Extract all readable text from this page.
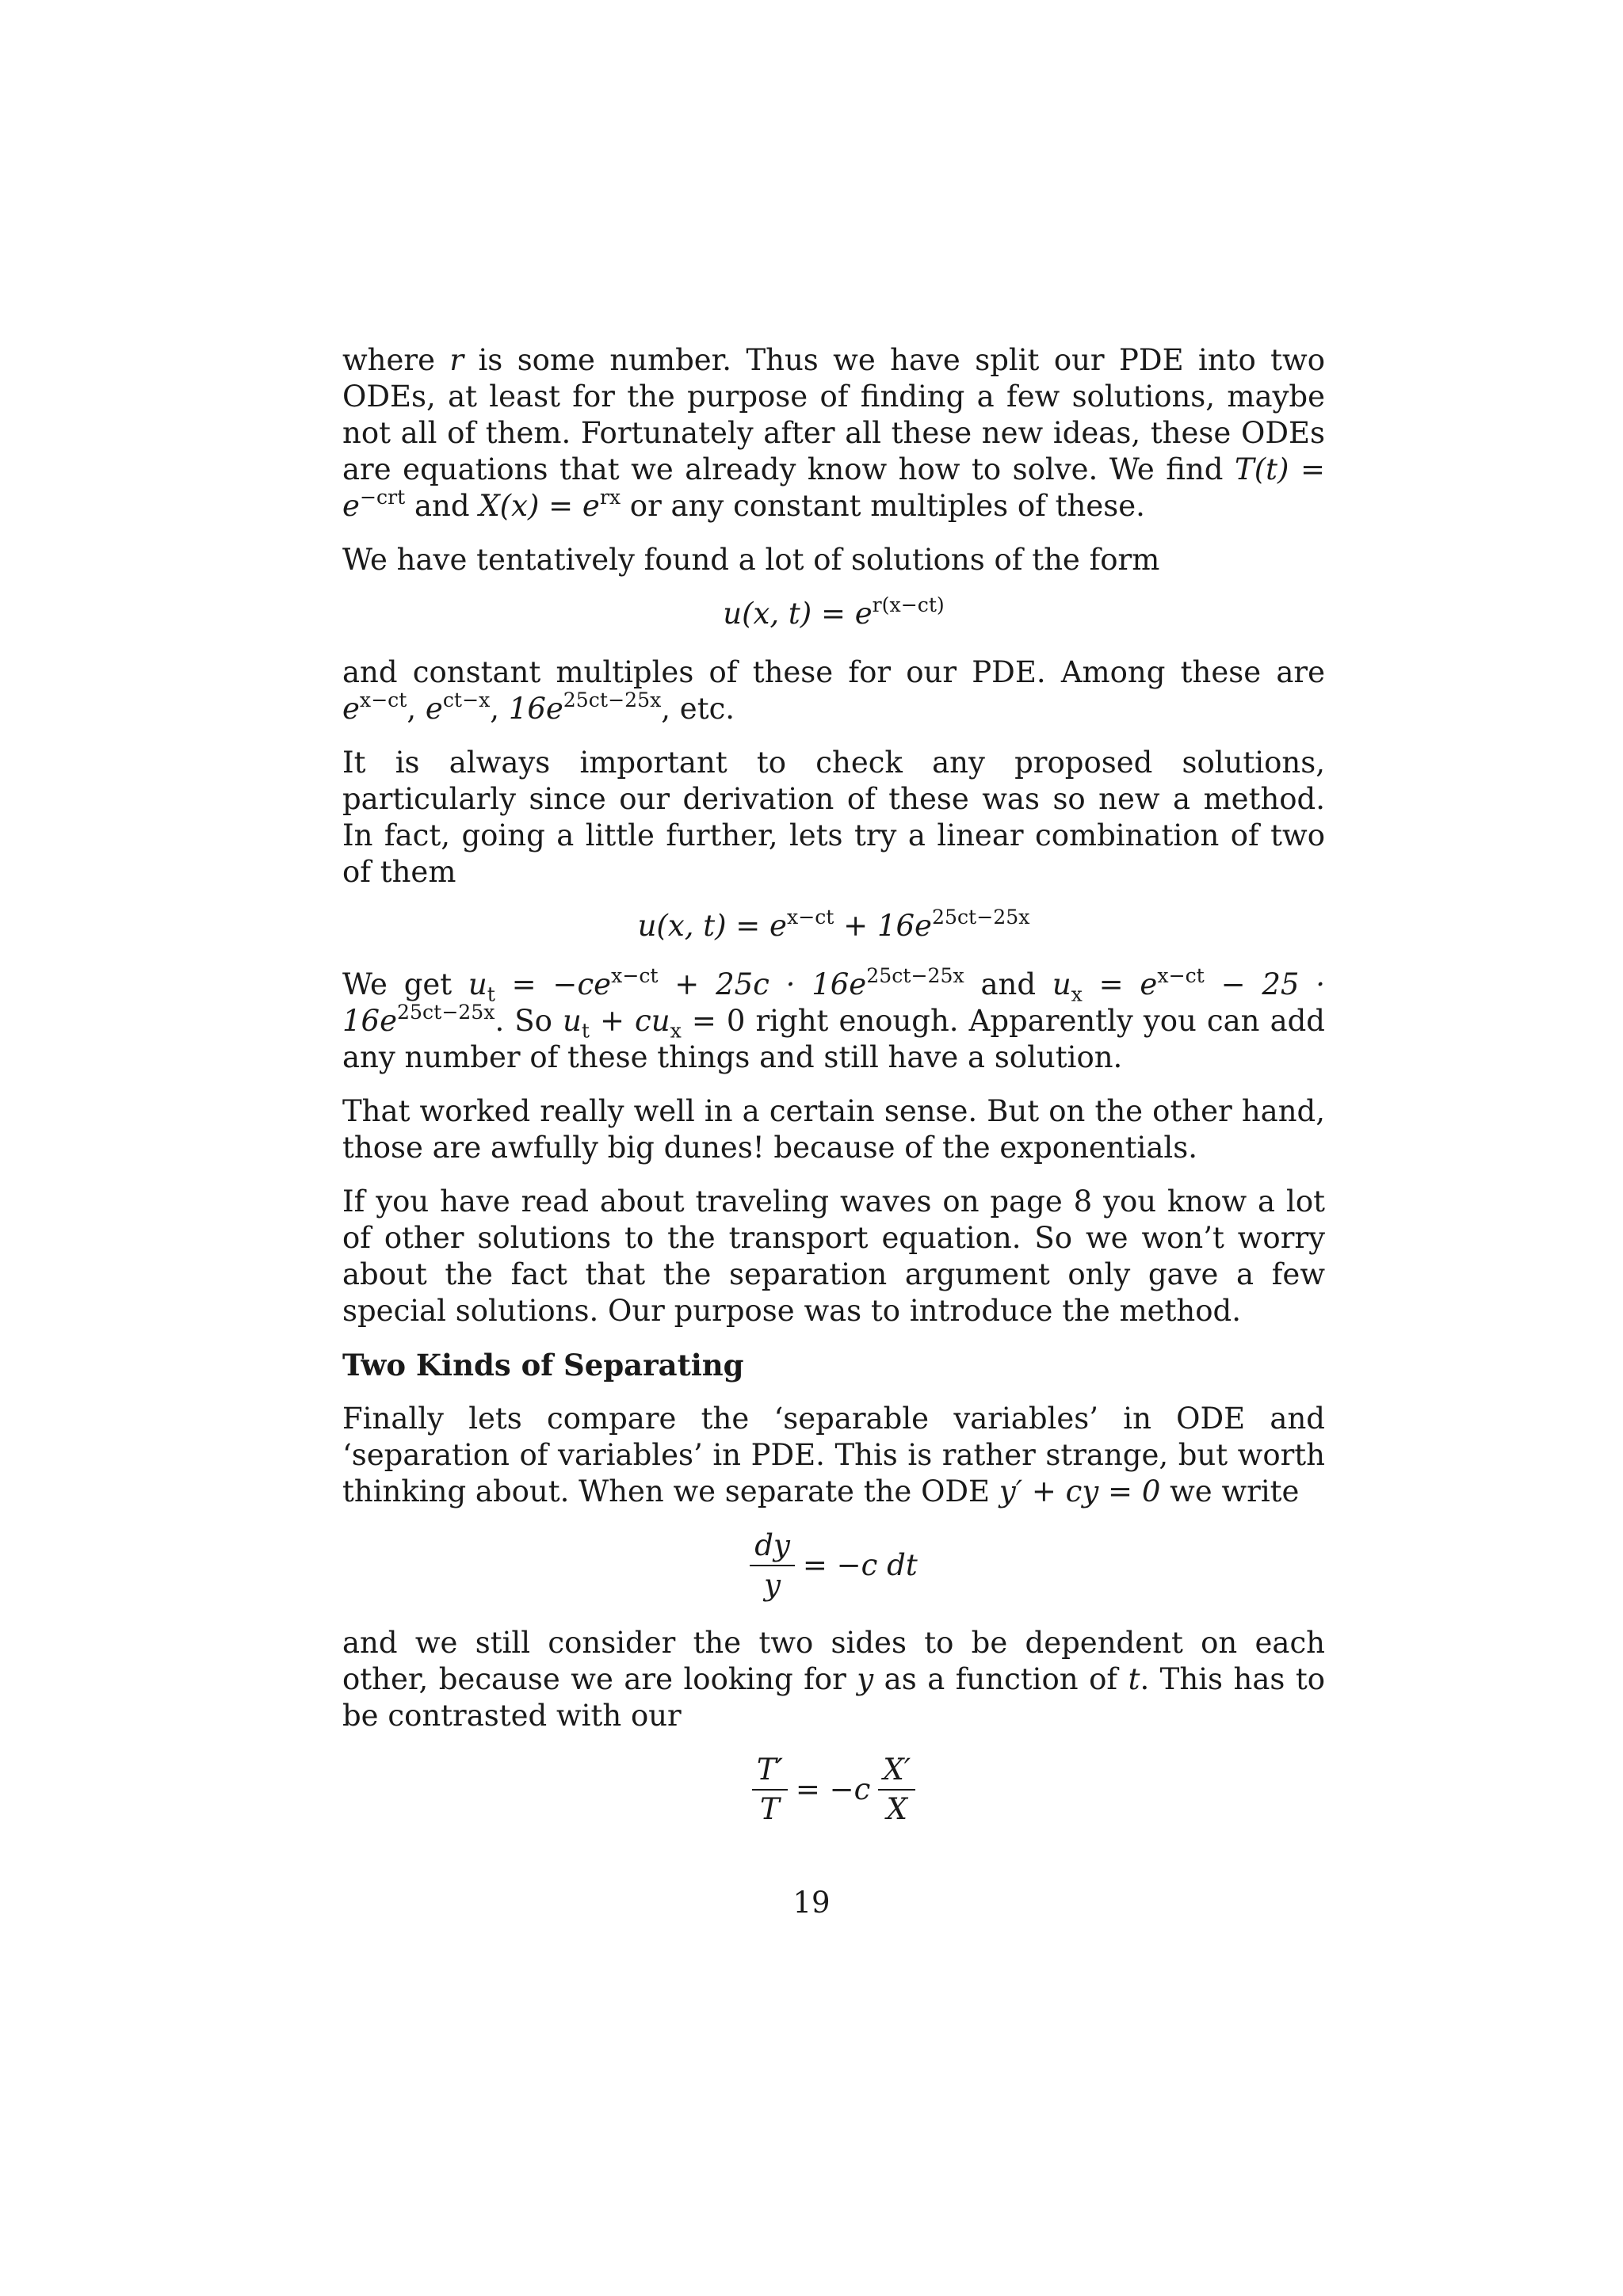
where r is some number. Thus we have split our PDE into two ODEs, at least for the purpose of finding a few solutions, maybe not all of them. Fortunately after all these new ideas, these ODEs are equations that we already know how to solve. We find $T(t) = e^{-crt}$ and $X(x) = e^{rx}$ or any constant multiples of these.

We have tentatively found a lot of solutions of the form

u(x, $t) = e^{r(x-ct)}$

and constant multiples of these for our PDE. Among these are $e^{x-ct}$, $e^{ct-x}$, $16e^{25ct-25x}$, etc.

It is always important to check any proposed solutions, particularly since our derivation of these was so new a method. In fact, going a little further, lets try a linear combination of two of them

u(x, $t) = e^{x-ct} + 16e^{25ct-25x}$

We get $u_t = -ce^{x-ct} + 25c \cdot 16e^{25ct-25x}$ and $u_x = e^{x-ct} - 25 \cdot 16e^{25ct-25x}$. So $u_t + cu_x = 0$ right enough. Apparently you can add any number of these things and still have a solution.

That worked really well in a certain sense. But on the other hand, those are awfully big dunes! because of the exponentials.

If you have read about traveling waves on page 8 you know a lot of other solutions to the transport equation. So we won’t worry about the fact that the separation argument only gave a few special solutions. Our purpose was to introduce the method.

Two Kinds of Separating

Finally lets compare the ‘separable variables’ in ODE and ‘separation of variables’ in PDE. This is rather strange, but worth thinking about. When we separate the ODE y′ + cy = 0 we write

$\frac{dy}{y} = -c$ dt

and we still consider the two sides to be dependent on each other, because we are looking for y as a function of t. This has to be contrasted with our

$\frac{T'}{T} = -c \frac{X'}{X}$
19
